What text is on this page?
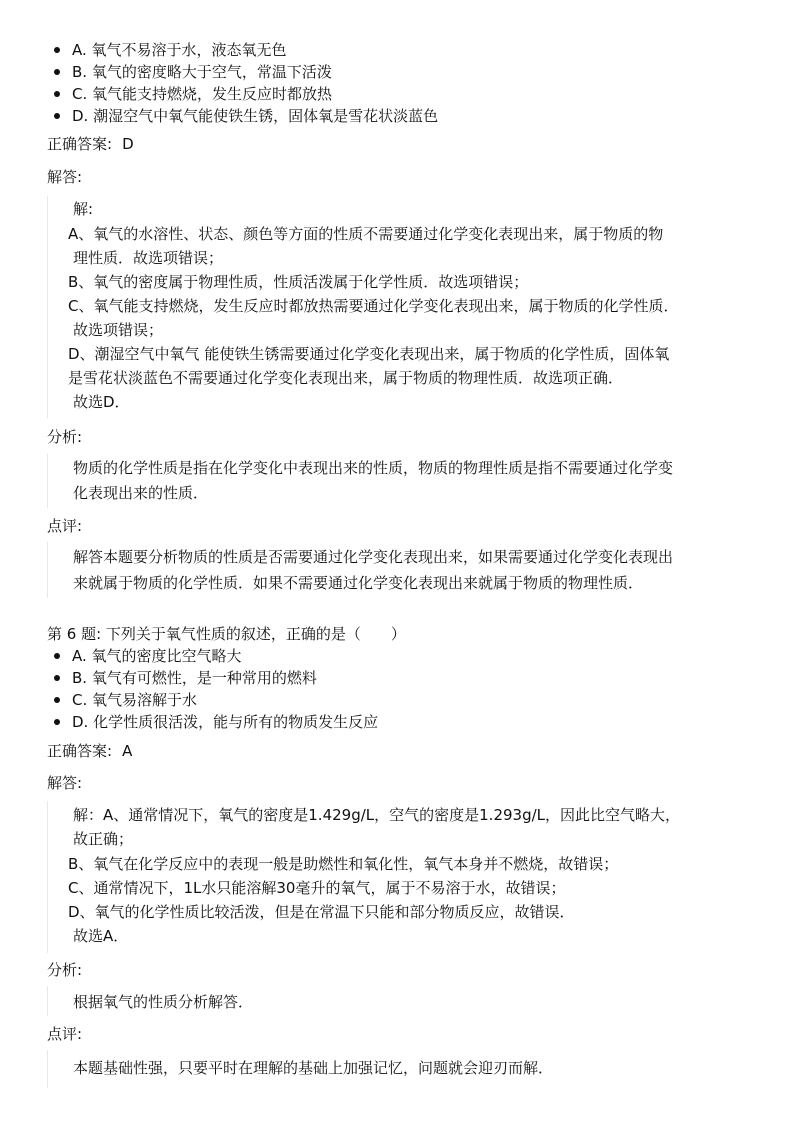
A. 氧气不易溶于水，液态氧无色
B. 氧气的密度略大于空气，常温下活泼
C. 氧气能支持燃烧，发生反应时都放热
D. 潮湿空气中氧气能使铁生锈，固体氧是雪花状淡蓝色
正确答案: D
解答:
解:
A、氧气的水溶性、状态、颜色等方面的性质不需要通过化学变化表现出来，属于物质的物
理性质．故选项错误；
B、氧气的密度属于物理性质，性质活泼属于化学性质．故选项错误；
C、氧气能支持燃烧，发生反应时都放热需要通过化学变化表现出来，属于物质的化学性质．
故选项错误；
D、潮湿空气中氧气 能使铁生锈需要通过化学变化表现出来，属于物质的化学性质，固体氧
是雪花状淡蓝色不需要通过化学变化表现出来，属于物质的物理性质．故选项正确．
故选D．
分析:
物质的化学性质是指在化学变化中表现出来的性质，物质的物理性质是指不需要通过化学变
化表现出来的性质．
点评:
解答本题要分析物质的性质是否需要通过化学变化表现出来，如果需要通过化学变化表现出
来就属于物质的化学性质．如果不需要通过化学变化表现出来就属于物质的物理性质．
第 6 题: 下列关于氧气性质的叙述，正确的是（　　）
A. 氧气的密度比空气略大
B. 氧气有可燃性，是一种常用的燃料
C. 氧气易溶解于水
D. 化学性质很活泼，能与所有的物质发生反应
正确答案: A
解答:
解：A、通常情况下，氧气的密度是1.429g/L，空气的密度是1.293g/L，因此比空气略大，
故正确；
B、氧气在化学反应中的表现一般是助燃性和氧化性，氧气本身并不燃烧，故错误；
C、通常情况下，1L水只能溶解30毫升的氧气，属于不易溶于水，故错误；
D、氧气的化学性质比较活泼，但是在常温下只能和部分物质反应，故错误．
故选A．
分析:
根据氧气的性质分析解答．
点评:
本题基础性强，只要平时在理解的基础上加强记忆，问题就会迎刃而解．
